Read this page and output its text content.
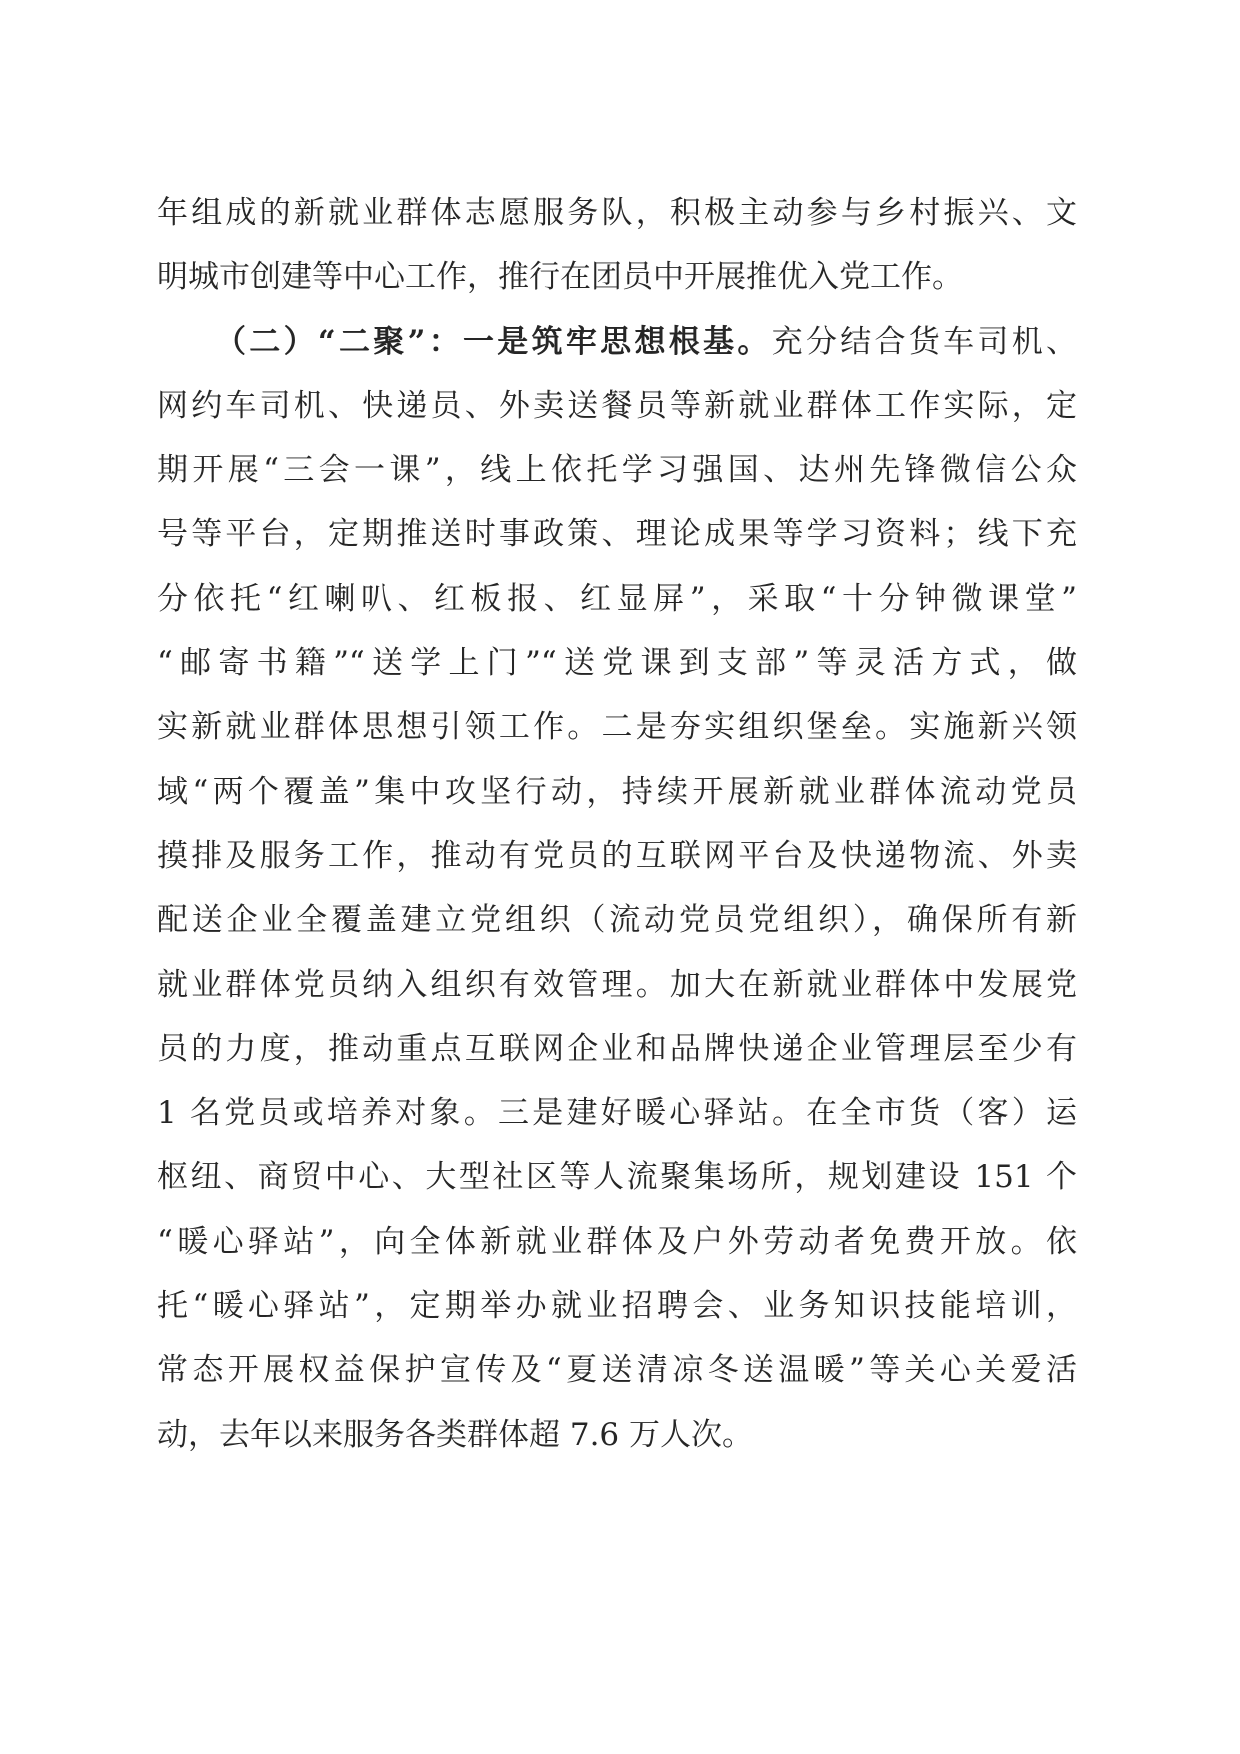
年组成的新就业群体志愿服务队，积极主动参与乡村振兴、文
明城市创建等中心工作，推行在团员中开展推优入党工作。
（二）“二聚”：一是筑牢思想根基。充分结合货车司机、
网约车司机、快递员、外卖送餐员等新就业群体工作实际，定
期开展“三会一课”，线上依托学习强国、达州先锋微信公众
号等平台，定期推送时事政策、理论成果等学习资料；线下充
分依托“红喇叭、红板报、红显屏”，采取“十分钟微课堂”
“邮寄书籍”“送学上门”“送党课到支部”等灵活方式，做
实新就业群体思想引领工作。二是夯实组织堡垒。实施新兴领
域“两个覆盖”集中攻坚行动，持续开展新就业群体流动党员
摸排及服务工作，推动有党员的互联网平台及快递物流、外卖
配送企业全覆盖建立党组织（流动党员党组织），确保所有新
就业群体党员纳入组织有效管理。加大在新就业群体中发展党
员的力度，推动重点互联网企业和品牌快递企业管理层至少有
1 名党员或培养对象。三是建好暖心驿站。在全市货（客）运
枢纽、商贸中心、大型社区等人流聚集场所，规划建设 151 个
“暖心驿站”，向全体新就业群体及户外劳动者免费开放。依
托“暖心驿站”，定期举办就业招聘会、业务知识技能培训，
常态开展权益保护宣传及“夏送清凉冬送温暖”等关心关爱活
动，去年以来服务各类群体超 7.6 万人次。
